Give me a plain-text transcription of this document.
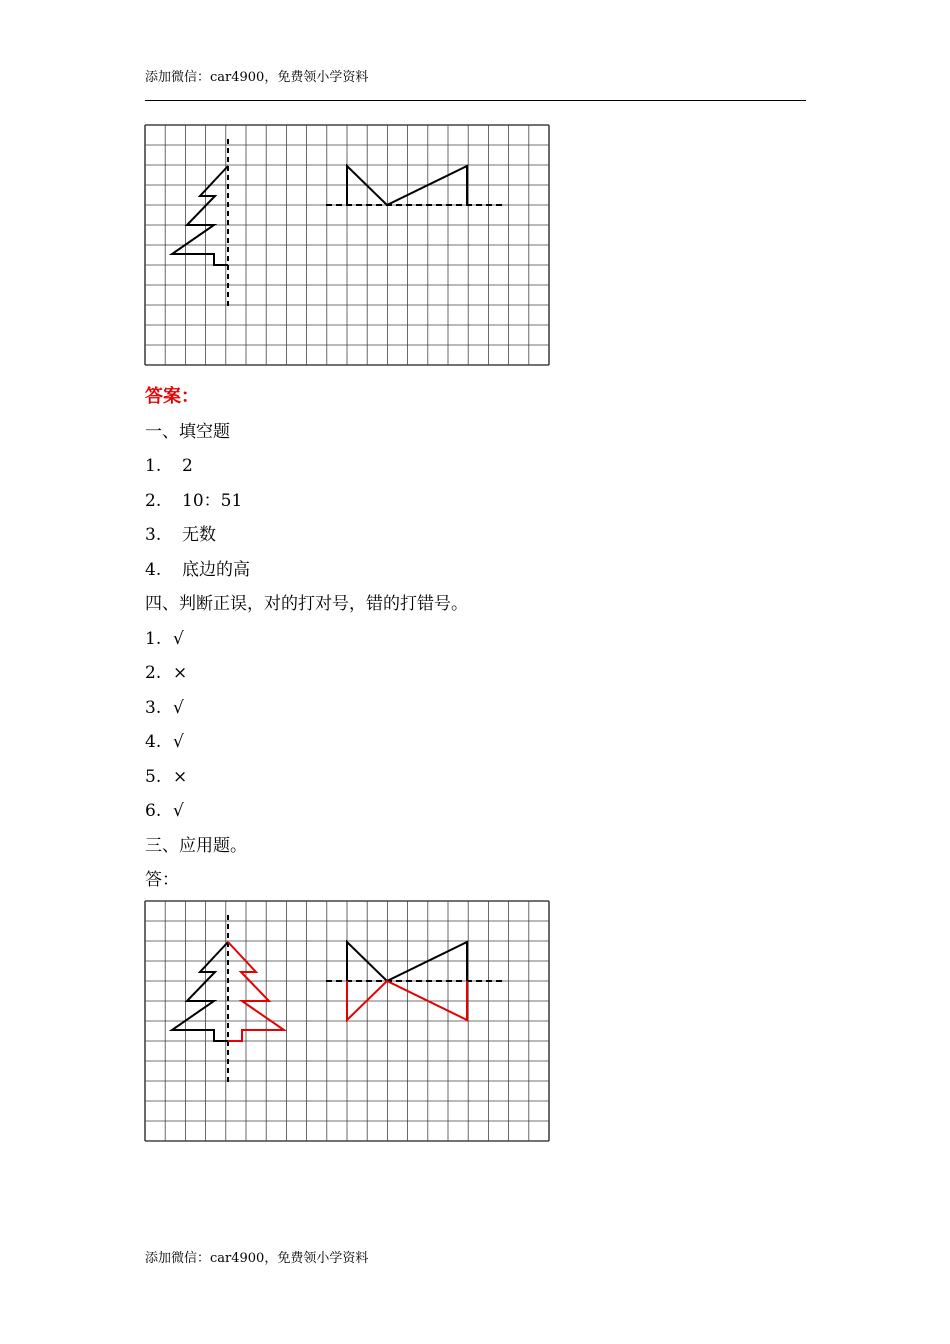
添加微信：car4900，免费领小学资料
答案：
一、填空题
1. 2
2. 10：51
3. 无数
4. 底边的高
四、判断正误，对的打对号，错的打错号。
1. √
2. ×
3. √
4. √
5. ×
6. √
三、应用题。
答：
添加微信：car4900，免费领小学资料
